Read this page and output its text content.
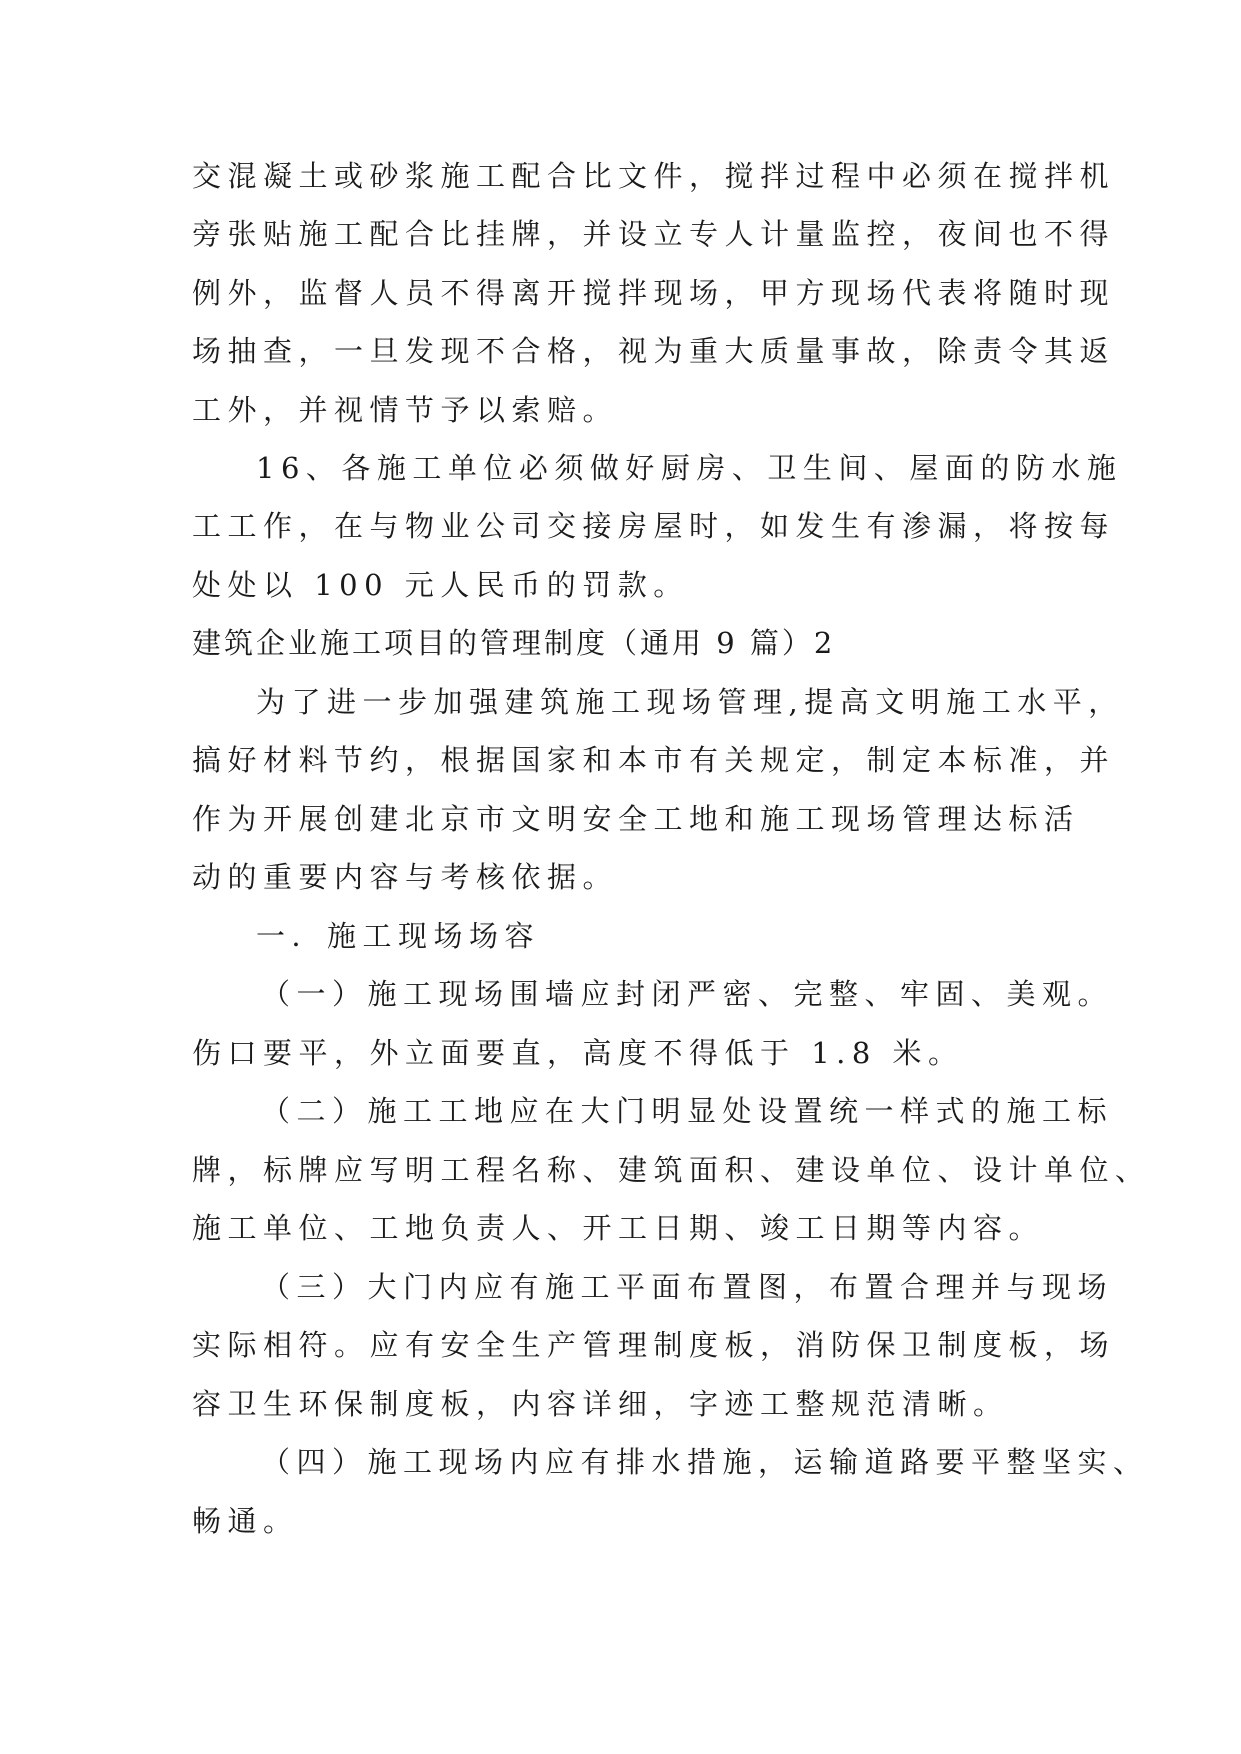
交混凝土或砂浆施工配合比文件，搅拌过程中必须在搅拌机
旁张贴施工配合比挂牌，并设立专人计量监控，夜间也不得
例外，监督人员不得离开搅拌现场，甲方现场代表将随时现
场抽查，一旦发现不合格，视为重大质量事故，除责令其返
工外，并视情节予以索赔。
16、各施工单位必须做好厨房、卫生间、屋面的防水施
工工作，在与物业公司交接房屋时，如发生有渗漏，将按每
处处以 100 元人民币的罚款。
建筑企业施工项目的管理制度（通用 9 篇）2
为了进一步加强建筑施工现场管理,提高文明施工水平，
搞好材料节约，根据国家和本市有关规定，制定本标准，并
作为开展创建北京市文明安全工地和施工现场管理达标活
动的重要内容与考核依据。
一．施工现场场容
（一）施工现场围墙应封闭严密、完整、牢固、美观。
伤口要平，外立面要直，高度不得低于 1.8 米。
（二）施工工地应在大门明显处设置统一样式的施工标
牌，标牌应写明工程名称、建筑面积、建设单位、设计单位、
施工单位、工地负责人、开工日期、竣工日期等内容。
（三）大门内应有施工平面布置图，布置合理并与现场
实际相符。应有安全生产管理制度板，消防保卫制度板，场
容卫生环保制度板，内容详细，字迹工整规范清晰。
（四）施工现场内应有排水措施，运输道路要平整坚实、
畅通。
